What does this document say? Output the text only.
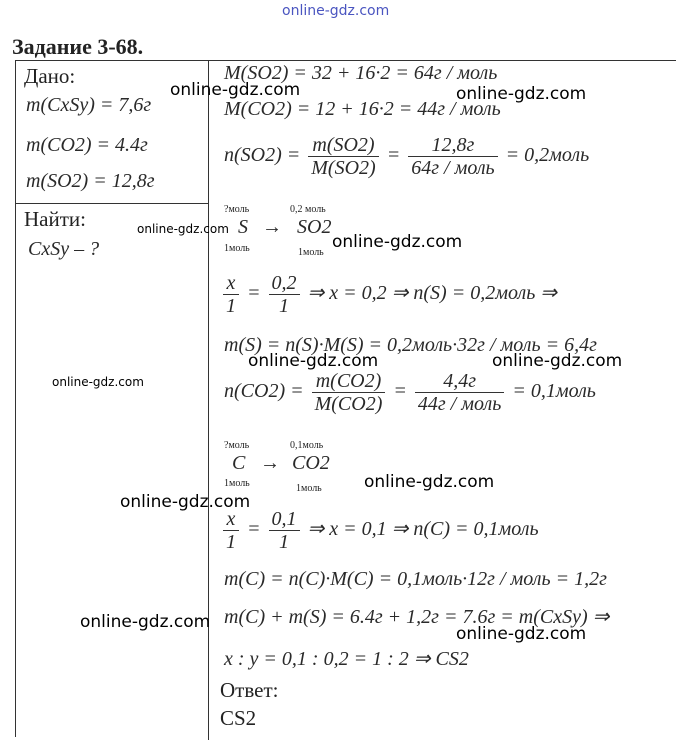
online-gdz.com
Задание 3-68.
Дано:
m(CxSy) = 7,6г
m(CO2) = 4.4г
m(SO2) = 12,8г
Найти:
CxSy – ?
M(SO2) = 32 + 16·2 = 64г / моль
M(CO2) = 12 + 16·2 = 44г / моль
$n(SO2) = \frac{m(SO2)}{M(SO2)}$ =	12,8г
64г / моль
= 0,2моль
?моль	0,2 моль
S → SO2
1моль	1моль
$\frac{x}{1} = \frac{0,2}{1}$ ⇒ x = 0,2 ⇒ n(S) = 0,2моль ⇒
m(S) = n(S)·M(S) = 0,2моль·32г / моль = 6,4г
$n(CO2) = \frac{m(CO2)}{M(CO2)}$ =	4,4г
44г / моль
= 0,1моль
?моль	0,1моль
C → CO2
1моль	1моль
$\frac{x}{1} = \frac{0,1}{1}$ ⇒ x = 0,1 ⇒ n(C) = 0,1моль
m(C) = n(C)·M(C) = 0,1моль·12г / моль = 1,2г
m(C) + m(S) = 6.4г + 1,2г = 7.6г = m(CxSy) ⇒
x : y = 0,1 : 0,2 = 1 : 2 ⇒ CS2
Ответ:
CS2
online-gdz.com	online-gdz.com
online-gdz.com
online-gdz.com
online-gdz.com	online-gdz.com
online-gdz.com
online-gdz.com
online-gdz.com
online-gdz.com
online-gdz.com
